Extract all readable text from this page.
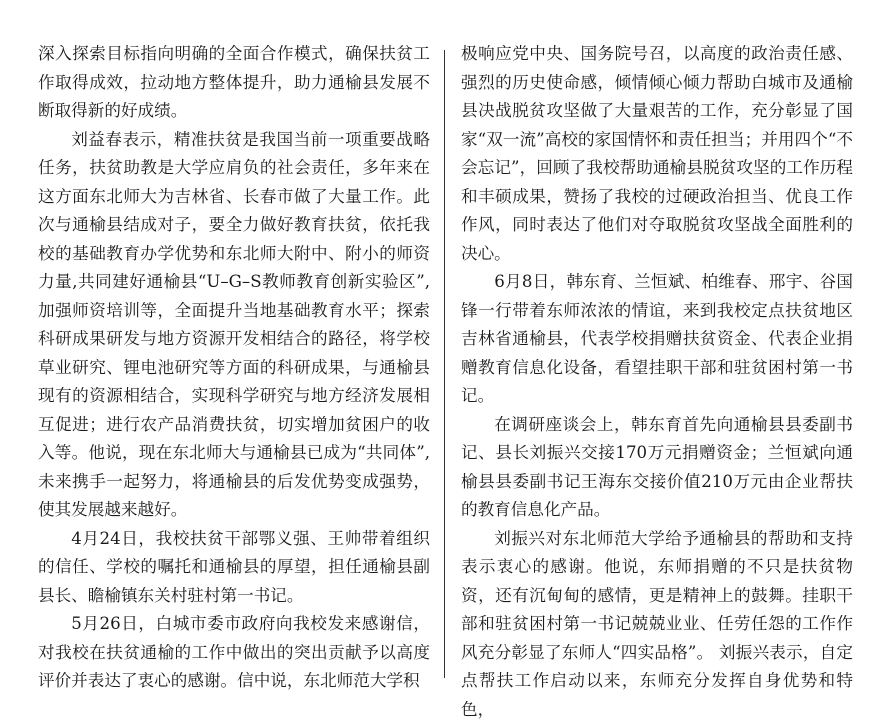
深入探索目标指向明确的全面合作模式，确保扶贫工作取得成效，拉动地方整体提升，助力通榆县发展不断取得新的好成绩。

刘益春表示，精准扶贫是我国当前一项重要战略任务，扶贫助教是大学应肩负的社会责任，多年来在这方面东北师大为吉林省、长春市做了大量工作。此次与通榆县结成对子，要全力做好教育扶贫，依托我校的基础教育办学优势和东北师大附中、附小的师资力量,共同建好通榆县“U–G–S教师教育创新实验区”,加强师资培训等，全面提升当地基础教育水平；探索科研成果研发与地方资源开发相结合的路径，将学校草业研究、锂电池研究等方面的科研成果，与通榆县现有的资源相结合，实现科学研究与地方经济发展相互促进；进行农产品消费扶贫，切实增加贫困户的收入等。他说，现在东北师大与通榆县已成为“共同体”,未来携手一起努力，将通榆县的后发优势变成强势，使其发展越来越好。

4月24日，我校扶贫干部鄂义强、王帅带着组织的信任、学校的嘱托和通榆县的厚望，担任通榆县副县长、瞻榆镇东关村驻村第一书记。

5月26日，白城市委市政府向我校发来感谢信，对我校在扶贫通榆的工作中做出的突出贡献予以高度评价并表达了衷心的感谢。信中说，东北师范大学积

极响应党中央、国务院号召，以高度的政治责任感、强烈的历史使命感，倾情倾心倾力帮助白城市及通榆县决战脱贫攻坚做了大量艰苦的工作，充分彰显了国家“双一流”高校的家国情怀和责任担当；并用四个“不会忘记”，回顾了我校帮助通榆县脱贫攻坚的工作历程和丰硕成果，赞扬了我校的过硬政治担当、优良工作作风，同时表达了他们对夺取脱贫攻坚战全面胜利的决心。

6月8日，韩东育、兰恒斌、柏维春、邢宇、谷国锋一行带着东师浓浓的情谊，来到我校定点扶贫地区吉林省通榆县，代表学校捐赠扶贫资金、代表企业捐赠教育信息化设备，看望挂职干部和驻贫困村第一书记。

在调研座谈会上，韩东育首先向通榆县县委副书记、县长刘振兴交接170万元捐赠资金；兰恒斌向通榆县县委副书记王海东交接价值210万元由企业帮扶的教育信息化产品。

刘振兴对东北师范大学给予通榆县的帮助和支持表示衷心的感谢。他说，东师捐赠的不只是扶贫物资，还有沉甸甸的感情，更是精神上的鼓舞。挂职干部和驻贫困村第一书记兢兢业业、任劳任怨的工作作风充分彰显了东师人“四实品格”。 刘振兴表示，自定点帮扶工作启动以来，东师充分发挥自身优势和特色，
